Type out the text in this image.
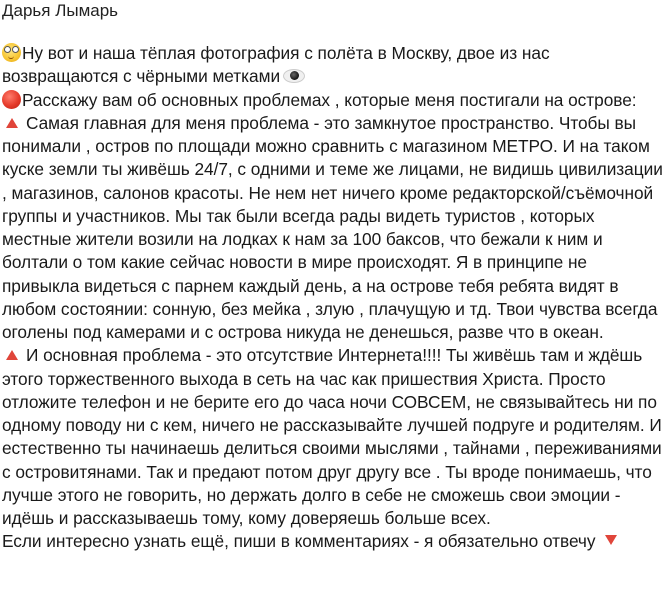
Дарья Лымарь
Ну вот и наша тёплая фотография с полёта в Москву, двое из нас
возвращаются с чёрными метками
Расскажу вам об основных проблемах , которые меня постигали на острове:
Самая главная для меня проблема - это замкнутое пространство. Чтобы вы
понимали , остров по площади можно сравнить с магазином МЕТРО. И на таком
куске земли ты живёшь 24/7, с одними и теме же лицами, не видишь цивилизации
, магазинов, салонов красоты. Не нем нет ничего кроме редакторской/съёмочной
группы и участников. Мы так были всегда рады видеть туристов , которых
местные жители возили на лодках к нам за 100 баксов, что бежали к ним и
болтали о том какие сейчас новости в мире происходят. Я в принципе не
привыкла видеться с парнем каждый день, а на острове тебя ребята видят в
любом состоянии: сонную, без мейка , злую , плачущую и тд. Твои чувства всегда
оголены под камерами и с острова никуда не денешься, разве что в океан.
И основная проблема - это отсутствие Интернета!!!! Ты живёшь там и ждёшь
этого торжественного выхода в сеть на час как пришествия Христа. Просто
отложите телефон и не берите его до часа ночи СОВСЕМ, не связывайтесь ни по
одному поводу ни с кем, ничего не рассказывайте лучшей подруге и родителям. И
естественно ты начинаешь делиться своими мыслями , тайнами , переживаниями
с островитянами. Так и предают потом друг другу все . Ты вроде понимаешь, что
лучше этого не говорить, но держать долго в себе не сможешь свои эмоции -
идёшь и рассказываешь тому, кому доверяешь больше всех.
Если интересно узнать ещё, пиши в комментариях - я обязательно отвечу
